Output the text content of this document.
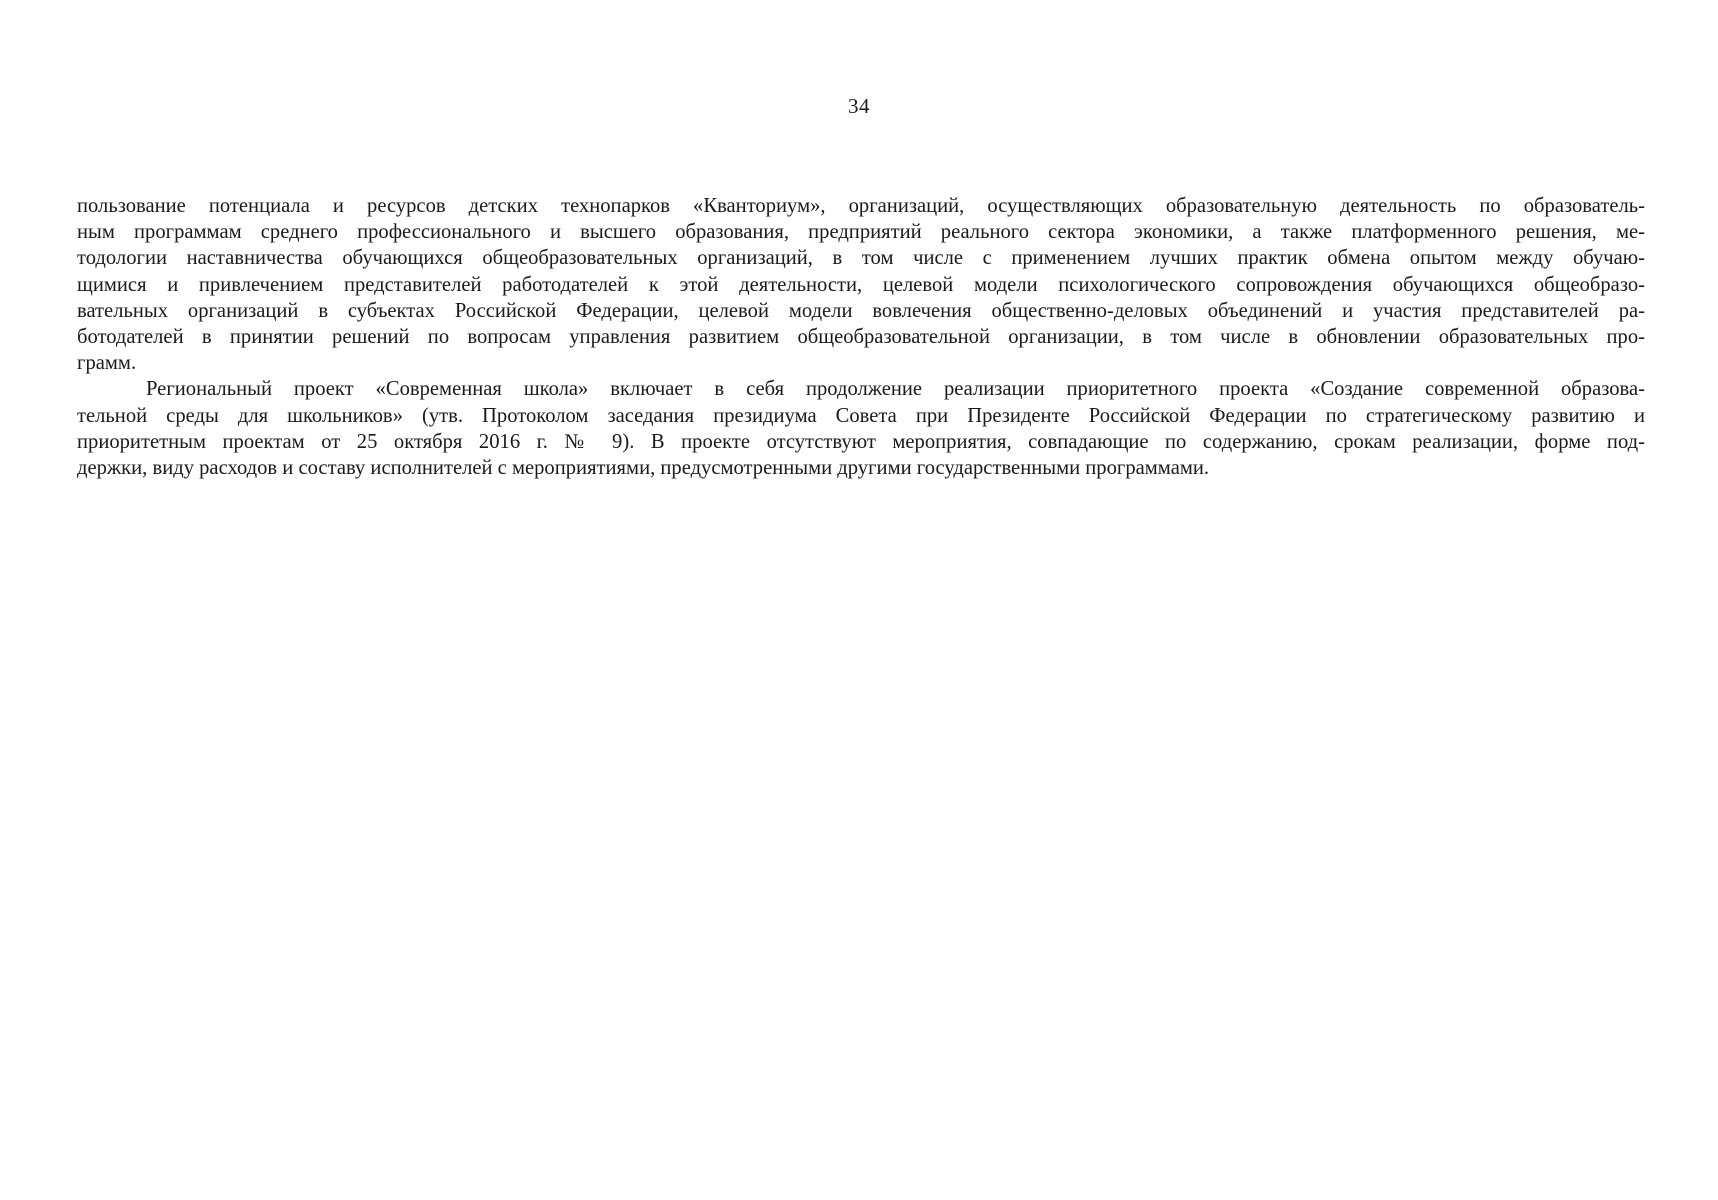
34
пользование потенциала и ресурсов детских технопарков «Кванториум», организаций, осуществляющих образовательную деятельность по образователь-
ным программам среднего профессионального и высшего образования, предприятий реального сектора экономики, а также платформенного решения, ме-
тодологии наставничества обучающихся общеобразовательных организаций, в том числе с применением лучших практик обмена опытом между обучаю-
щимися и привлечением представителей работодателей к этой деятельности, целевой модели психологического сопровождения обучающихся общеобразо-
вательных организаций в субъектах Российской Федерации, целевой модели вовлечения общественно-деловых объединений и участия представителей ра-
ботодателей в принятии решений по вопросам управления развитием общеобразовательной организации, в том числе в обновлении образовательных про-
грамм.
Региональный проект «Современная школа» включает в себя продолжение реализации приоритетного проекта «Создание современной образова-
тельной среды для школьников» (утв. Протоколом заседания президиума Совета при Президенте Российской Федерации по стратегическому развитию и
приоритетным проектам от 25 октября 2016 г. № 9). В проекте отсутствуют мероприятия, совпадающие по содержанию, срокам реализации, форме под-
держки, виду расходов и составу исполнителей с мероприятиями, предусмотренными другими государственными программами.
